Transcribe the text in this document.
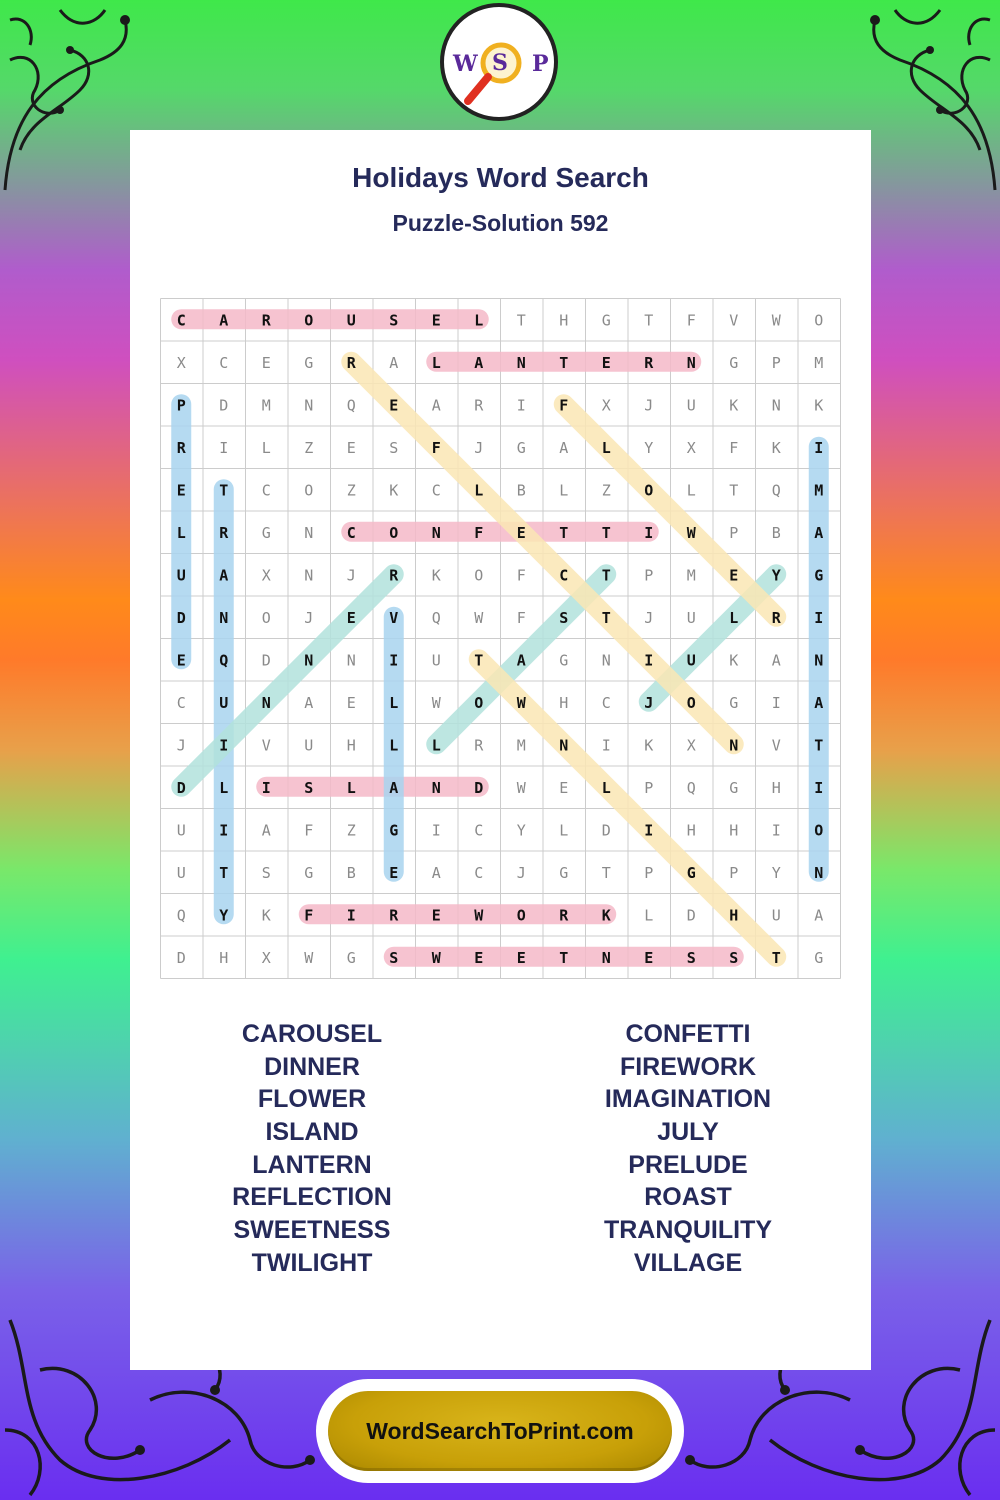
W S P
Holidays Word Search
Puzzle-Solution 592
C A R O U S E L T H G T F V W O
X C E G R A L A N T E R N G P M
P D M N Q E A R I F X J U K N K
R I L Z E S F J G A L Y X F K I
E T C O Z K C L B L Z O L T Q M
L R G N C O N F E T T I W P B A
U A X N J R K O F C T P M E Y G
D N O J E V Q W F S T J U L R I
E Q D N N I U T A G N I U K A N
C U N A E L W O W H C J O G I A
J I V U H L L R M N I K X N V T
D L I S L A N D W E L P Q G H I
U I A F Z G I C Y L D I H H I O
U T S G B E A C J G T P G P Y N
Q Y K F I R E W O R K L D H U A
D H X W G S W E E T N E S S T G
CAROUSEL
DINNER
FLOWER
ISLAND
LANTERN
REFLECTION
SWEETNESS
TWILIGHT
CONFETTI
FIREWORK
IMAGINATION
JULY
PRELUDE
ROAST
TRANQUILITY
VILLAGE
WordSearchToPrint.com
